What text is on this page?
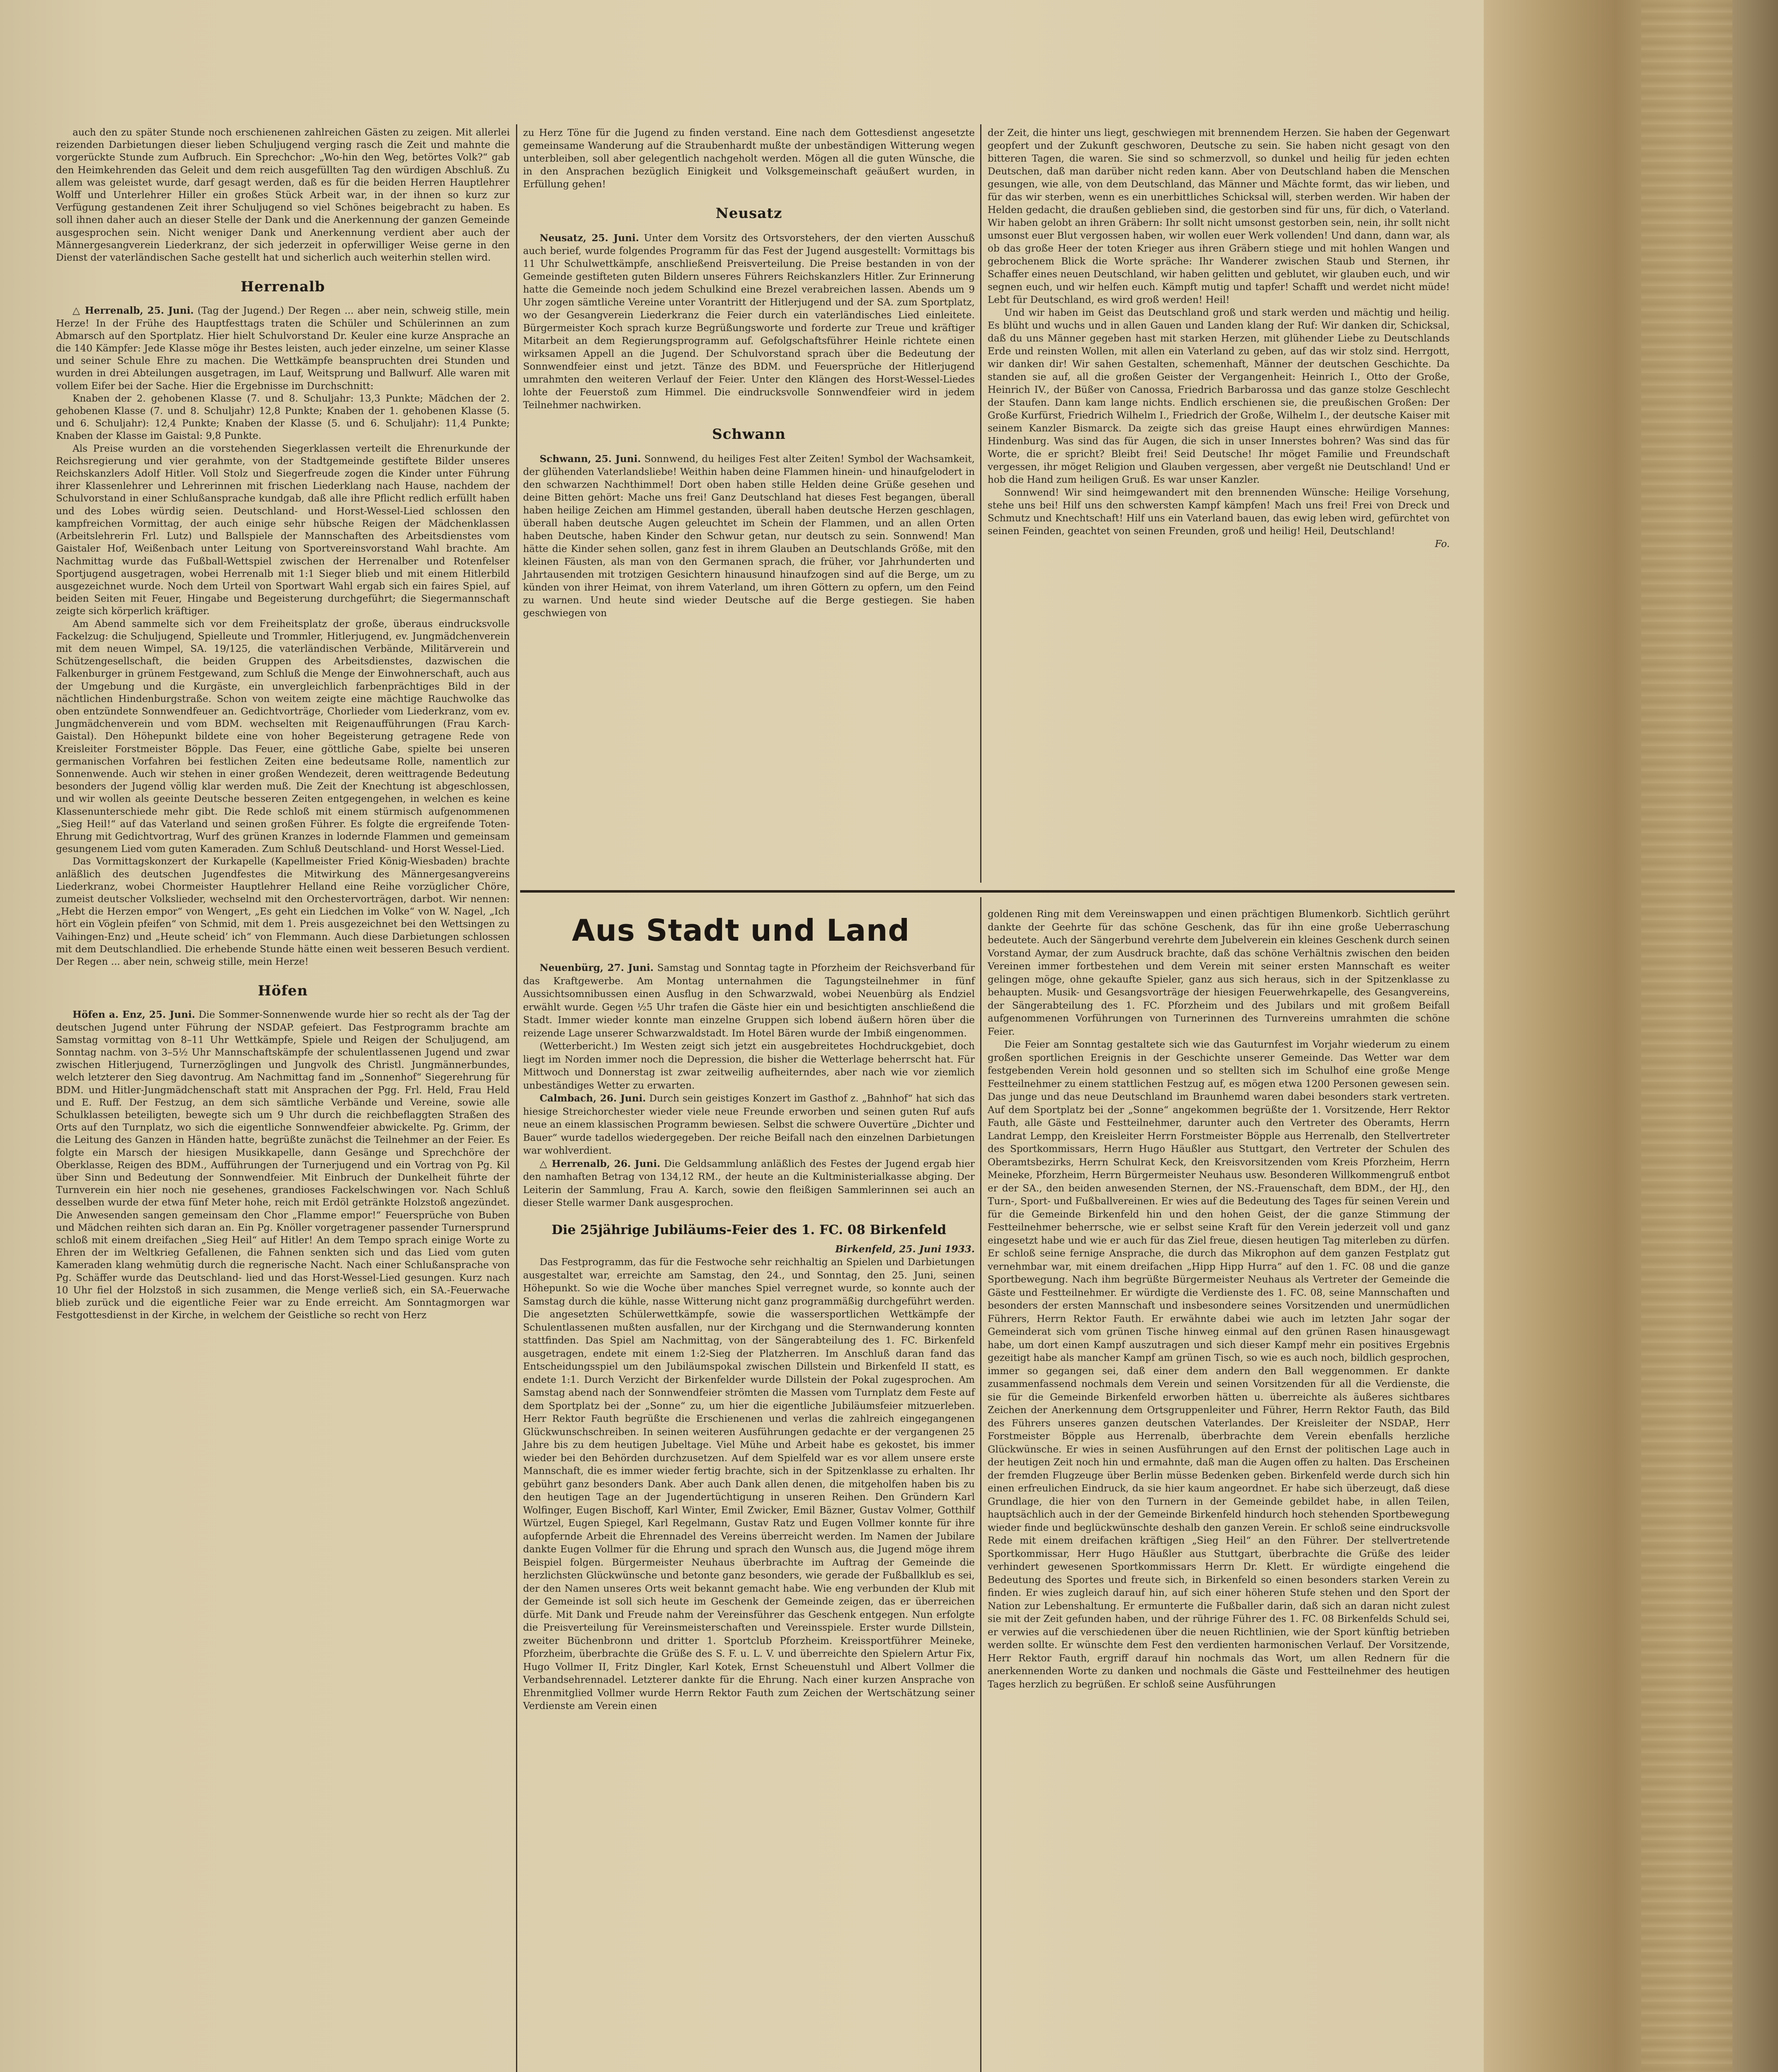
auch den zu später Stunde noch erschienenen zahlreichen Gästen zu zeigen. Mit allerlei reizenden Darbietungen dieser lieben Schuljugend verging rasch die Zeit und mahnte die vorgerückte Stunde zum Aufbruch. Ein Sprechchor: „Wo-hin den Weg, betörtes Volk?“ gab den Heimkehrenden das Geleit und dem reich ausgefüllten Tag den würdigen Abschluß. Zu allem was geleistet wurde, darf gesagt werden, daß es für die beiden Herren Hauptlehrer Wolff und Unterlehrer Hiller ein großes Stück Arbeit war, in der ihnen so kurz zur Verfügung gestandenen Zeit ihrer Schuljugend so viel Schönes beigebracht zu haben. Es soll ihnen daher auch an dieser Stelle der Dank und die Anerkennung der ganzen Gemeinde ausgesprochen sein. Nicht weniger Dank und Anerkennung verdient aber auch der Männergesangverein Liederkranz, der sich jederzeit in opferwilliger Weise gerne in den Dienst der vaterländischen Sache gestellt hat und sicherlich auch weiterhin stellen wird.

Herrenalb

△ Herrenalb, 25. Juni. (Tag der Jugend.) Der Regen ... aber nein, schweig stille, mein Herze! In der Frühe des Hauptfesttags traten die Schüler und Schülerinnen an zum Abmarsch auf den Sportplatz. Hier hielt Schulvorstand Dr. Keuler eine kurze Ansprache an die 140 Kämpfer: Jede Klasse möge ihr Bestes leisten, auch jeder einzelne, um seiner Klasse und seiner Schule Ehre zu machen. Die Wettkämpfe beanspruchten drei Stunden und wurden in drei Abteilungen ausgetragen, im Lauf, Weitsprung und Ballwurf. Alle waren mit vollem Eifer bei der Sache. Hier die Ergebnisse im Durchschnitt:

Knaben der 2. gehobenen Klasse (7. und 8. Schuljahr: 13,3 Punkte; Mädchen der 2. gehobenen Klasse (7. und 8. Schuljahr) 12,8 Punkte; Knaben der 1. gehobenen Klasse (5. und 6. Schuljahr): 12,4 Punkte; Knaben der Klasse (5. und 6. Schuljahr): 11,4 Punkte; Knaben der Klasse im Gaistal: 9,8 Punkte.

Als Preise wurden an die vorstehenden Siegerklassen verteilt die Ehrenurkunde der Reichsregierung und vier gerahmte, von der Stadtgemeinde gestiftete Bilder unseres Reichskanzlers Adolf Hitler. Voll Stolz und Siegerfreude zogen die Kinder unter Führung ihrer Klassenlehrer und Lehrerinnen mit frischen Liederklang nach Hause, nachdem der Schulvorstand in einer Schlußansprache kundgab, daß alle ihre Pflicht redlich erfüllt haben und des Lobes würdig seien. Deutschland- und Horst-Wessel-Lied schlossen den kampfreichen Vormittag, der auch einige sehr hübsche Reigen der Mädchenklassen (Arbeitslehrerin Frl. Lutz) und Ballspiele der Mannschaften des Arbeitsdienstes vom Gaistaler Hof, Weißenbach unter Leitung von Sportvereinsvorstand Wahl brachte. Am Nachmittag wurde das Fußball-Wettspiel zwischen der Herrenalber und Rotenfelser Sportjugend ausgetragen, wobei Herrenalb mit 1:1 Sieger blieb und mit einem Hitlerbild ausgezeichnet wurde. Noch dem Urteil von Sportwart Wahl ergab sich ein faires Spiel, auf beiden Seiten mit Feuer, Hingabe und Begeisterung durchgeführt; die Siegermannschaft zeigte sich körperlich kräftiger.

Am Abend sammelte sich vor dem Freiheitsplatz der große, überaus eindrucksvolle Fackelzug: die Schuljugend, Spielleute und Trommler, Hitlerjugend, ev. Jungmädchenverein mit dem neuen Wimpel, SA. 19/125, die vaterländischen Verbände, Militärverein und Schützengesellschaft, die beiden Gruppen des Arbeitsdienstes, dazwischen die Falkenburger in grünem Festgewand, zum Schluß die Menge der Einwohnerschaft, auch aus der Umgebung und die Kurgäste, ein unvergleichlich farbenprächtiges Bild in der nächtlichen Hindenburgstraße. Schon von weitem zeigte eine mächtige Rauchwolke das oben entzündete Sonnwendfeuer an. Gedichtvorträge, Chorlieder vom Liederkranz, vom ev. Jungmädchenverein und vom BDM. wechselten mit Reigenaufführungen (Frau Karch-Gaistal). Den Höhepunkt bildete eine von hoher Begeisterung getragene Rede von Kreisleiter Forstmeister Böpple. Das Feuer, eine göttliche Gabe, spielte bei unseren germanischen Vorfahren bei festlichen Zeiten eine bedeutsame Rolle, namentlich zur Sonnenwende. Auch wir stehen in einer großen Wendezeit, deren weittragende Bedeutung besonders der Jugend völlig klar werden muß. Die Zeit der Knechtung ist abgeschlossen, und wir wollen als geeinte Deutsche besseren Zeiten entgegengehen, in welchen es keine Klassenunterschiede mehr gibt. Die Rede schloß mit einem stürmisch aufgenommenen „Sieg Heil!“ auf das Vaterland und seinen großen Führer. Es folgte die ergreifende Toten-Ehrung mit Gedichtvortrag, Wurf des grünen Kranzes in lodernde Flammen und gemeinsam gesungenem Lied vom guten Kameraden. Zum Schluß Deutschland- und Horst Wessel-Lied.

Das Vormittagskonzert der Kurkapelle (Kapellmeister Fried König-Wiesbaden) brachte anläßlich des deutschen Jugendfestes die Mitwirkung des Männergesangvereins Liederkranz, wobei Chormeister Hauptlehrer Helland eine Reihe vorzüglicher Chöre, zumeist deutscher Volkslieder, wechselnd mit den Orchestervorträgen, darbot. Wir nennen: „Hebt die Herzen empor“ von Wengert, „Es geht ein Liedchen im Volke“ von W. Nagel, „Ich hört ein Vöglein pfeifen“ von Schmid, mit dem 1. Preis ausgezeichnet bei den Wettsingen zu Vaihingen-Enz) und „Heute scheid’ ich“ von Flemmann. Auch diese Darbietungen schlossen mit dem Deutschlandlied. Die erhebende Stunde hätte einen weit besseren Besuch verdient. Der Regen ... aber nein, schweig stille, mein Herze!

Höfen

Höfen a. Enz, 25. Juni. Die Sommer-Sonnenwende wurde hier so recht als der Tag der deutschen Jugend unter Führung der NSDAP. gefeiert. Das Festprogramm brachte am Samstag vormittag von 8–11 Uhr Wettkämpfe, Spiele und Reigen der Schuljugend, am Sonntag nachm. von 3–5½ Uhr Mannschaftskämpfe der schulentlassenen Jugend und zwar zwischen Hitlerjugend, Turnerzöglingen und Jungvolk des Christl. Jungmännerbundes, welch letzterer den Sieg davontrug. Am Nachmittag fand im „Sonnenhof“ Siegerehrung für BDM. und Hitler-Jungmädchenschaft statt mit Ansprachen der Pgg. Frl. Held, Frau Held und E. Ruff. Der Festzug, an dem sich sämtliche Verbände und Vereine, sowie alle Schulklassen beteiligten, bewegte sich um 9 Uhr durch die reichbeflaggten Straßen des Orts auf den Turnplatz, wo sich die eigentliche Sonnwendfeier abwickelte. Pg. Grimm, der die Leitung des Ganzen in Händen hatte, begrüßte zunächst die Teilnehmer an der Feier. Es folgte ein Marsch der hiesigen Musikkapelle, dann Gesänge und Sprechchöre der Oberklasse, Reigen des BDM., Aufführungen der Turnerjugend und ein Vortrag von Pg. Kil über Sinn und Bedeutung der Sonnwendfeier. Mit Einbruch der Dunkelheit führte der Turnverein ein hier noch nie gesehenes, grandioses Fackelschwingen vor. Nach Schluß desselben wurde der etwa fünf Meter hohe, reich mit Erdöl getränkte Holzstoß angezündet. Die Anwesenden sangen gemeinsam den Chor „Flamme empor!“ Feuersprüche von Buben und Mädchen reihten sich daran an. Ein Pg. Knöller vorgetragener passender Turnersprund schloß mit einem dreifachen „Sieg Heil“ auf Hitler! An dem Tempo sprach einige Worte zu Ehren der im Weltkrieg Gefallenen, die Fahnen senkten sich und das Lied vom guten Kameraden klang wehmütig durch die regnerische Nacht. Nach einer Schlußansprache von Pg. Schäffer wurde das Deutschland- lied und das Horst-Wessel-Lied gesungen. Kurz nach 10 Uhr fiel der Holzstoß in sich zusammen, die Menge verließ sich, ein SA.-Feuerwache blieb zurück und die eigentliche Feier war zu Ende erreicht. Am Sonntagmorgen war Festgottesdienst in der Kirche, in welchem der Geistliche so recht von Herz

zu Herz Töne für die Jugend zu finden verstand. Eine nach dem Gottesdienst angesetzte gemeinsame Wanderung auf die Straubenhardt mußte der unbeständigen Witterung wegen unterbleiben, soll aber gelegentlich nachgeholt werden. Mögen all die guten Wünsche, die in den Ansprachen bezüglich Einigkeit und Volksgemeinschaft geäußert wurden, in Erfüllung gehen!

Neusatz

Neusatz, 25. Juni. Unter dem Vorsitz des Ortsvorstehers, der den vierten Ausschuß auch berief, wurde folgendes Programm für das Fest der Jugend ausgestellt: Vormittags bis 11 Uhr Schulwettkämpfe, anschließend Preisverteilung. Die Preise bestanden in von der Gemeinde gestifteten guten Bildern unseres Führers Reichskanzlers Hitler. Zur Erinnerung hatte die Gemeinde noch jedem Schulkind eine Brezel verabreichen lassen. Abends um 9 Uhr zogen sämtliche Vereine unter Vorantritt der Hitlerjugend und der SA. zum Sportplatz, wo der Gesangverein Liederkranz die Feier durch ein vaterländisches Lied einleitete. Bürgermeister Koch sprach kurze Begrüßungsworte und forderte zur Treue und kräftiger Mitarbeit an dem Regierungsprogramm auf. Gefolgschaftsführer Heinle richtete einen wirksamen Appell an die Jugend. Der Schulvorstand sprach über die Bedeutung der Sonnwendfeier einst und jetzt. Tänze des BDM. und Feuersprüche der Hitlerjugend umrahmten den weiteren Verlauf der Feier. Unter den Klängen des Horst-Wessel-Liedes lohte der Feuerstoß zum Himmel. Die eindrucksvolle Sonnwendfeier wird in jedem Teilnehmer nachwirken.

Schwann

Schwann, 25. Juni. Sonnwend, du heiliges Fest alter Zeiten! Symbol der Wachsamkeit, der glühenden Vaterlandsliebe! Weithin haben deine Flammen hinein- und hinaufgelodert in den schwarzen Nachthimmel! Dort oben haben stille Helden deine Grüße gesehen und deine Bitten gehört: Mache uns frei! Ganz Deutschland hat dieses Fest begangen, überall haben heilige Zeichen am Himmel gestanden, überall haben deutsche Herzen geschlagen, überall haben deutsche Augen geleuchtet im Schein der Flammen, und an allen Orten haben Deutsche, haben Kinder den Schwur getan, nur deutsch zu sein. Sonnwend! Man hätte die Kinder sehen sollen, ganz fest in ihrem Glauben an Deutschlands Größe, mit den kleinen Fäusten, als man von den Germanen sprach, die früher, vor Jahrhunderten und Jahrtausenden mit trotzigen Gesichtern hinausund hinaufzogen sind auf die Berge, um zu künden von ihrer Heimat, von ihrem Vaterland, um ihren Göttern zu opfern, um den Feind zu warnen. Und heute sind wieder Deutsche auf die Berge gestiegen. Sie haben geschwiegen von

der Zeit, die hinter uns liegt, geschwiegen mit brennendem Herzen. Sie haben der Gegenwart geopfert und der Zukunft geschworen, Deutsche zu sein. Sie haben nicht gesagt von den bitteren Tagen, die waren. Sie sind so schmerzvoll, so dunkel und heilig für jeden echten Deutschen, daß man darüber nicht reden kann. Aber von Deutschland haben die Menschen gesungen, wie alle, von dem Deutschland, das Männer und Mächte formt, das wir lieben, und für das wir sterben, wenn es ein unerbittliches Schicksal will, sterben werden. Wir haben der Helden gedacht, die draußen geblieben sind, die gestorben sind für uns, für dich, o Vaterland. Wir haben gelobt an ihren Gräbern: Ihr sollt nicht umsonst gestorben sein, nein, ihr sollt nicht umsonst euer Blut vergossen haben, wir wollen euer Werk vollenden! Und dann, dann war, als ob das große Heer der toten Krieger aus ihren Gräbern stiege und mit hohlen Wangen und gebrochenem Blick die Worte spräche: Ihr Wanderer zwischen Staub und Sternen, ihr Schaffer eines neuen Deutschland, wir haben gelitten und geblutet, wir glauben euch, und wir segnen euch, und wir helfen euch. Kämpft mutig und tapfer! Schafft und werdet nicht müde! Lebt für Deutschland, es wird groß werden! Heil!

Und wir haben im Geist das Deutschland groß und stark werden und mächtig und heilig. Es blüht und wuchs und in allen Gauen und Landen klang der Ruf: Wir danken dir, Schicksal, daß du uns Männer gegeben hast mit starken Herzen, mit glühender Liebe zu Deutschlands Erde und reinsten Wollen, mit allen ein Vaterland zu geben, auf das wir stolz sind. Herrgott, wir danken dir! Wir sahen Gestalten, schemenhaft, Männer der deutschen Geschichte. Da standen sie auf, all die großen Geister der Vergangenheit: Heinrich I., Otto der Große, Heinrich IV., der Büßer von Canossa, Friedrich Barbarossa und das ganze stolze Geschlecht der Staufen. Dann kam lange nichts. Endlich erschienen sie, die preußischen Großen: Der Große Kurfürst, Friedrich Wilhelm I., Friedrich der Große, Wilhelm I., der deutsche Kaiser mit seinem Kanzler Bismarck. Da zeigte sich das greise Haupt eines ehrwürdigen Mannes: Hindenburg. Was sind das für Augen, die sich in unser Innerstes bohren? Was sind das für Worte, die er spricht? Bleibt frei! Seid Deutsche! Ihr möget Familie und Freundschaft vergessen, ihr möget Religion und Glauben vergessen, aber vergeßt nie Deutschland! Und er hob die Hand zum heiligen Gruß. Es war unser Kanzler.

Sonnwend! Wir sind heimgewandert mit den brennenden Wünsche: Heilige Vorsehung, stehe uns bei! Hilf uns den schwersten Kampf kämpfen! Mach uns frei! Frei von Dreck und Schmutz und Knechtschaft! Hilf uns ein Vaterland bauen, das ewig leben wird, gefürchtet von seinen Feinden, geachtet von seinen Freunden, groß und heilig! Heil, Deutschland!

Fo.
Aus Stadt und Land

Neuenbürg, 27. Juni. Samstag und Sonntag tagte in Pforzheim der Reichsverband für das Kraftgewerbe. Am Montag unternahmen die Tagungsteilnehmer in fünf Aussichtsomnibussen einen Ausflug in den Schwarzwald, wobei Neuenbürg als Endziel erwählt wurde. Gegen ½5 Uhr trafen die Gäste hier ein und besichtigten anschließend die Stadt. Immer wieder konnte man einzelne Gruppen sich lobend äußern hören über die reizende Lage unserer Schwarzwaldstadt. Im Hotel Bären wurde der Imbiß eingenommen.

(Wetterbericht.) Im Westen zeigt sich jetzt ein ausgebreitetes Hochdruckgebiet, doch liegt im Norden immer noch die Depression, die bisher die Wetterlage beherrscht hat. Für Mittwoch und Donnerstag ist zwar zeitweilig aufheiterndes, aber nach wie vor ziemlich unbeständiges Wetter zu erwarten.

Calmbach, 26. Juni. Durch sein geistiges Konzert im Gasthof z. „Bahnhof“ hat sich das hiesige Streichorchester wieder viele neue Freunde erworben und seinen guten Ruf aufs neue an einem klassischen Programm bewiesen. Selbst die schwere Ouvertüre „Dichter und Bauer“ wurde tadellos wiedergegeben. Der reiche Beifall nach den einzelnen Darbietungen war wohlverdient.

△ Herrenalb, 26. Juni. Die Geldsammlung anläßlich des Festes der Jugend ergab hier den namhaften Betrag von 134,12 RM., der heute an die Kultministerialkasse abging. Der Leiterin der Sammlung, Frau A. Karch, sowie den fleißigen Sammlerinnen sei auch an dieser Stelle warmer Dank ausgesprochen.

Die 25jährige Jubiläums-Feier des 1. FC. 08 Birkenfeld
Birkenfeld, 25. Juni 1933.

Das Festprogramm, das für die Festwoche sehr reichhaltig an Spielen und Darbietungen ausgestaltet war, erreichte am Samstag, den 24., und Sonntag, den 25. Juni, seinen Höhepunkt. So wie die Woche über manches Spiel verregnet wurde, so konnte auch der Samstag durch die kühle, nasse Witterung nicht ganz programmäßig durchgeführt werden. Die angesetzten Schülerwettkämpfe, sowie die wassersportlichen Wettkämpfe der Schulentlassenen mußten ausfallen, nur der Kirchgang und die Sternwanderung konnten stattfinden. Das Spiel am Nachmittag, von der Sängerabteilung des 1. FC. Birkenfeld ausgetragen, endete mit einem 1:2-Sieg der Platzherren. Im Anschluß daran fand das Entscheidungsspiel um den Jubiläumspokal zwischen Dillstein und Birkenfeld II statt, es endete 1:1. Durch Verzicht der Birkenfelder wurde Dillstein der Pokal zugesprochen. Am Samstag abend nach der Sonnwendfeier strömten die Massen vom Turnplatz dem Feste auf dem Sportplatz bei der „Sonne“ zu, um hier die eigentliche Jubiläumsfeier mitzuerleben. Herr Rektor Fauth begrüßte die Erschienenen und verlas die zahlreich eingegangenen Glückwunschschreiben. In seinen weiteren Ausführungen gedachte er der vergangenen 25 Jahre bis zu dem heutigen Jubeltage. Viel Mühe und Arbeit habe es gekostet, bis immer wieder bei den Behörden durchzusetzen. Auf dem Spielfeld war es vor allem unsere erste Mannschaft, die es immer wieder fertig brachte, sich in der Spitzenklasse zu erhalten. Ihr gebührt ganz besonders Dank. Aber auch Dank allen denen, die mitgeholfen haben bis zu den heutigen Tage an der Jugendertüchtigung in unseren Reihen. Den Gründern Karl Wolfinger, Eugen Bischoff, Karl Winter, Emil Zwicker, Emil Bäzner, Gustav Volmer, Gotthilf Würtzel, Eugen Spiegel, Karl Regelmann, Gustav Ratz und Eugen Vollmer konnte für ihre aufopfernde Arbeit die Ehrennadel des Vereins überreicht werden. Im Namen der Jubilare dankte Eugen Vollmer für die Ehrung und sprach den Wunsch aus, die Jugend möge ihrem Beispiel folgen. Bürgermeister Neuhaus überbrachte im Auftrag der Gemeinde die herzlichsten Glückwünsche und betonte ganz besonders, wie gerade der Fußballklub es sei, der den Namen unseres Orts weit bekannt gemacht habe. Wie eng verbunden der Klub mit der Gemeinde ist soll sich heute im Geschenk der Gemeinde zeigen, das er überreichen dürfe. Mit Dank und Freude nahm der Vereinsführer das Geschenk entgegen. Nun erfolgte die Preisverteilung für Vereinsmeisterschaften und Vereinsspiele. Erster wurde Dillstein, zweiter Büchenbronn und dritter 1. Sportclub Pforzheim. Kreissportführer Meineke, Pforzheim, überbrachte die Grüße des S. F. u. L. V. und überreichte den Spielern Artur Fix, Hugo Vollmer II, Fritz Dingler, Karl Kotek, Ernst Scheuenstuhl und Albert Vollmer die Verbandsehrennadel. Letzterer dankte für die Ehrung. Nach einer kurzen Ansprache von Ehrenmitglied Vollmer wurde Herrn Rektor Fauth zum Zeichen der Wertschätzung seiner Verdienste am Verein einen

goldenen Ring mit dem Vereinswappen und einen prächtigen Blumenkorb. Sichtlich gerührt dankte der Geehrte für das schöne Geschenk, das für ihn eine große Ueberraschung bedeutete. Auch der Sängerbund verehrte dem Jubelverein ein kleines Geschenk durch seinen Vorstand Aymar, der zum Ausdruck brachte, daß das schöne Verhältnis zwischen den beiden Vereinen immer fortbestehen und dem Verein mit seiner ersten Mannschaft es weiter gelingen möge, ohne gekaufte Spieler, ganz aus sich heraus, sich in der Spitzenklasse zu behaupten. Musik- und Gesangsvorträge der hiesigen Feuerwehrkapelle, des Gesangvereins, der Sängerabteilung des 1. FC. Pforzheim und des Jubilars und mit großem Beifall aufgenommenen Vorführungen von Turnerinnen des Turnvereins umrahmten die schöne Feier.

Die Feier am Sonntag gestaltete sich wie das Gauturnfest im Vorjahr wiederum zu einem großen sportlichen Ereignis in der Geschichte unserer Gemeinde. Das Wetter war dem festgebenden Verein hold gesonnen und so stellten sich im Schulhof eine große Menge Festteilnehmer zu einem stattlichen Festzug auf, es mögen etwa 1200 Personen gewesen sein. Das junge und das neue Deutschland im Braunhemd waren dabei besonders stark vertreten. Auf dem Sportplatz bei der „Sonne“ angekommen begrüßte der 1. Vorsitzende, Herr Rektor Fauth, alle Gäste und Festteilnehmer, darunter auch den Vertreter des Oberamts, Herrn Landrat Lempp, den Kreisleiter Herrn Forstmeister Böpple aus Herrenalb, den Stellvertreter des Sportkommissars, Herrn Hugo Häußler aus Stuttgart, den Vertreter der Schulen des Oberamtsbezirks, Herrn Schulrat Keck, den Kreisvorsitzenden vom Kreis Pforzheim, Herrn Meineke, Pforzheim, Herrn Bürgermeister Neuhaus usw. Besonderen Willkommengruß entbot er der SA., den beiden anwesenden Sternen, der NS.-Frauenschaft, dem BDM., der HJ., den Turn-, Sport- und Fußballvereinen. Er wies auf die Bedeutung des Tages für seinen Verein und für die Gemeinde Birkenfeld hin und den hohen Geist, der die ganze Stimmung der Festteilnehmer beherrsche, wie er selbst seine Kraft für den Verein jederzeit voll und ganz eingesetzt habe und wie er auch für das Ziel freue, diesen heutigen Tag miterleben zu dürfen. Er schloß seine fernige Ansprache, die durch das Mikrophon auf dem ganzen Festplatz gut vernehmbar war, mit einem dreifachen „Hipp Hipp Hurra“ auf den 1. FC. 08 und die ganze Sportbewegung. Nach ihm begrüßte Bürgermeister Neuhaus als Vertreter der Gemeinde die Gäste und Festteilnehmer. Er würdigte die Verdienste des 1. FC. 08, seine Mannschaften und besonders der ersten Mannschaft und insbesondere seines Vorsitzenden und unermüdlichen Führers, Herrn Rektor Fauth. Er erwähnte dabei wie auch im letzten Jahr sogar der Gemeinderat sich vom grünen Tische hinweg einmal auf den grünen Rasen hinausgewagt habe, um dort einen Kampf auszutragen und sich dieser Kampf mehr ein positives Ergebnis gezeitigt habe als mancher Kampf am grünen Tisch, so wie es auch noch, bildlich gesprochen, immer so gegangen sei, daß einer dem andern den Ball weggenommen. Er dankte zusammenfassend nochmals dem Verein und seinen Vorsitzenden für all die Verdienste, die sie für die Gemeinde Birkenfeld erworben hätten u. überreichte als äußeres sichtbares Zeichen der Anerkennung dem Ortsgruppenleiter und Führer, Herrn Rektor Fauth, das Bild des Führers unseres ganzen deutschen Vaterlandes. Der Kreisleiter der NSDAP., Herr Forstmeister Böpple aus Herrenalb, überbrachte dem Verein ebenfalls herzliche Glückwünsche. Er wies in seinen Ausführungen auf den Ernst der politischen Lage auch in der heutigen Zeit noch hin und ermahnte, daß man die Augen offen zu halten. Das Erscheinen der fremden Flugzeuge über Berlin müsse Bedenken geben. Birkenfeld werde durch sich hin einen erfreulichen Eindruck, da sie hier kaum angeordnet. Er habe sich überzeugt, daß diese Grundlage, die hier von den Turnern in der Gemeinde gebildet habe, in allen Teilen, hauptsächlich auch in der der Gemeinde Birkenfeld hindurch hoch stehenden Sportbewegung wieder finde und beglückwünschte deshalb den ganzen Verein. Er schloß seine eindrucksvolle Rede mit einem dreifachen kräftigen „Sieg Heil“ an den Führer. Der stellvertretende Sportkommissar, Herr Hugo Häußler aus Stuttgart, überbrachte die Grüße des leider verhindert gewesenen Sportkommissars Herrn Dr. Klett. Er würdigte eingehend die Bedeutung des Sportes und freute sich, in Birkenfeld so einen besonders starken Verein zu finden. Er wies zugleich darauf hin, auf sich einer höheren Stufe stehen und den Sport der Nation zur Lebenshaltung. Er ermunterte die Fußballer darin, daß sich an daran nicht zulest sie mit der Zeit gefunden haben, und der rührige Führer des 1. FC. 08 Birkenfelds Schuld sei, er verwies auf die verschiedenen über die neuen Richtlinien, wie der Sport künftig betrieben werden sollte. Er wünschte dem Fest den verdienten harmonischen Verlauf. Der Vorsitzende, Herr Rektor Fauth, ergriff darauf hin nochmals das Wort, um allen Rednern für die anerkennenden Worte zu danken und nochmals die Gäste und Festteilnehmer des heutigen Tages herzlich zu begrüßen. Er schloß seine Ausführungen
